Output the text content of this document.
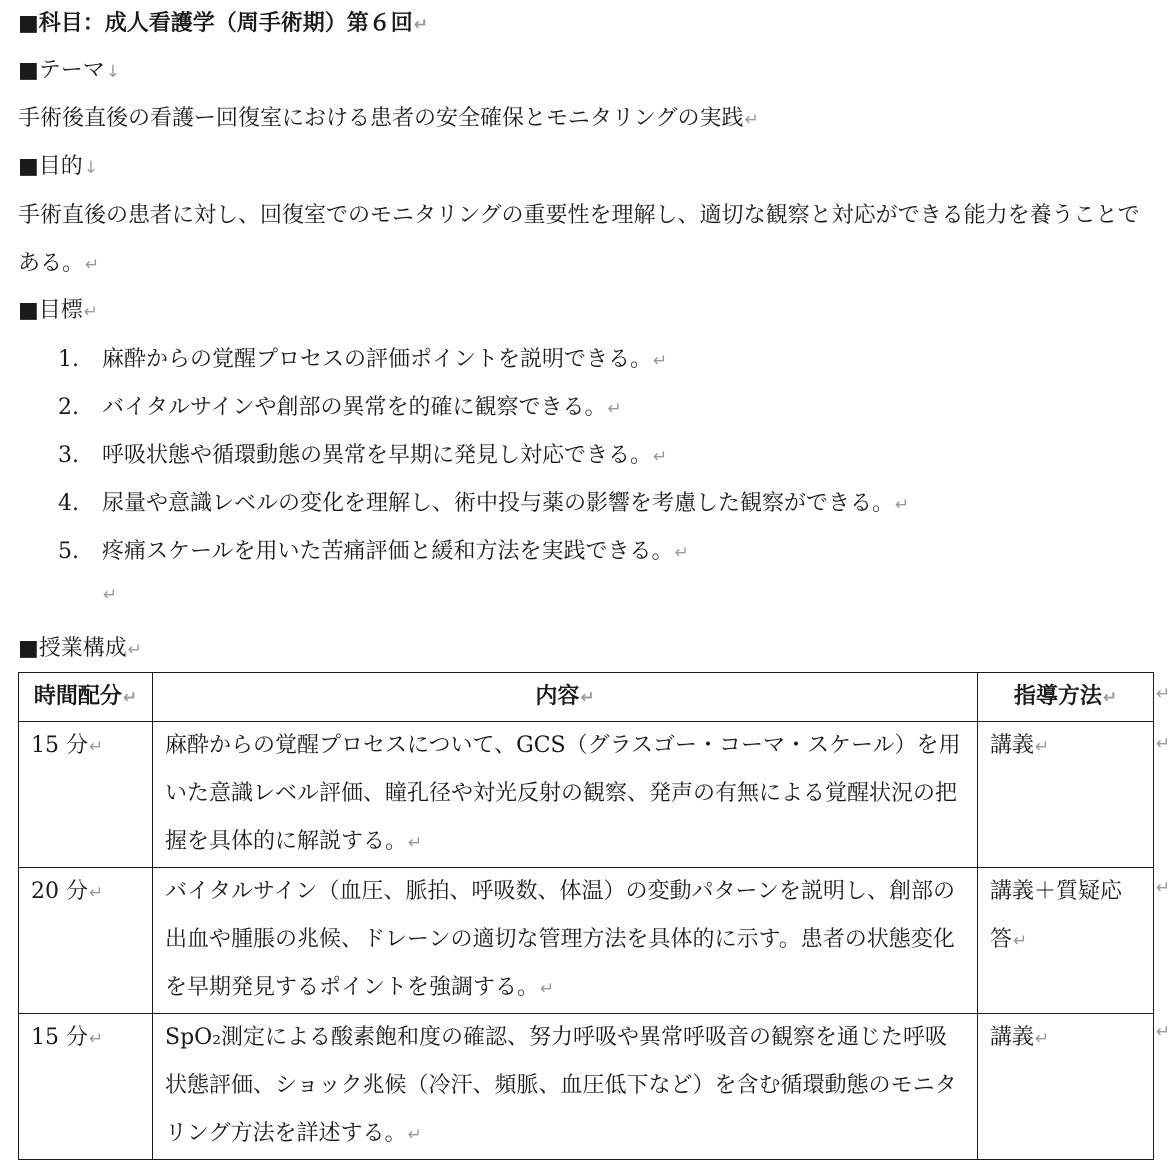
■科目：成人看護学（周手術期）第６回↵
■テーマ↓
手術後直後の看護ー回復室における患者の安全確保とモニタリングの実践↵
■目的↓
手術直後の患者に対し、回復室でのモニタリングの重要性を理解し、適切な観察と対応ができる能力を養うことである。↵
■目標↵
1. 麻酔からの覚醒プロセスの評価ポイントを説明できる。↵
2. バイタルサインや創部の異常を的確に観察できる。↵
3. 呼吸状態や循環動態の異常を早期に発見し対応できる。↵
4. 尿量や意識レベルの変化を理解し、術中投与薬の影響を考慮した観察ができる。↵
5. 疼痛スケールを用いた苦痛評価と緩和方法を実践できる。↵
↵
■授業構成↵
時間配分↵	内容↵	指導方法↵
15 分↵	麻酔からの覚醒プロセスについて、GCS（グラスゴー・コーマ・スケール）を用いた意識レベル評価、瞳孔径や対光反射の観察、発声の有無による覚醒状況の把握を具体的に解説する。↵	講義↵
20 分↵	バイタルサイン（血圧、脈拍、呼吸数、体温）の変動パターンを説明し、創部の出血や腫脹の兆候、ドレーンの適切な管理方法を具体的に示す。患者の状態変化を早期発見するポイントを強調する。↵	講義＋質疑応答↵
15 分↵	SpO₂測定による酸素飽和度の確認、努力呼吸や異常呼吸音の観察を通じた呼吸状態評価、ショック兆候（冷汗、頻脈、血圧低下など）を含む循環動態のモニタリング方法を詳述する。↵	講義↵
↵
↵
↵
↵
